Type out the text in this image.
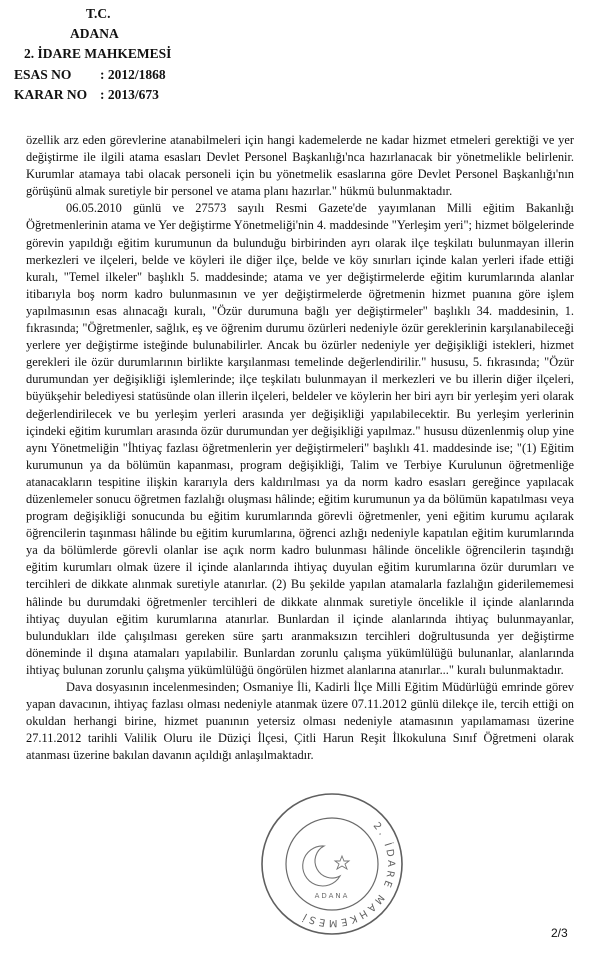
T.C.
ADANA
2. İDARE MAHKEMESİ
ESAS NO : 2012/1868
KARAR NO : 2013/673

özellik arz eden görevlerine atanabilmeleri için hangi kademelerde ne kadar hizmet etmeleri gerektiği ve yer değiştirme ile ilgili atama esasları Devlet Personel Başkanlığı'nca hazırlanacak bir yönetmelikle belirlenir. Kurumlar atamaya tabi olacak personeli için bu yönetmelik esaslarına göre Devlet Personel Başkanlığı'nın görüşünü almak suretiyle bir personel ve atama planı hazırlar." hükmü bulunmaktadır.

06.05.2010 günlü ve 27573 sayılı Resmi Gazete'de yayımlanan Milli eğitim Bakanlığı Öğretmenlerinin atama ve Yer değiştirme Yönetmeliği'nin 4. maddesinde "Yerleşim yeri"; hizmet bölgelerinde görevin yapıldığı eğitim kurumunun da bulunduğu birbirinden ayrı olarak ilçe teşkilatı bulunmayan illerin merkezleri ve ilçeleri, belde ve köyleri ile diğer ilçe, belde ve köy sınırları içinde kalan yerleri ifade ettiği kuralı, "Temel ilkeler" başlıklı 5. maddesinde; atama ve yer değiştirmelerde eğitim kurumlarında alanlar itibarıyla boş norm kadro bulunmasının ve yer değiştirmelerde öğretmenin hizmet puanına göre işlem yapılmasının esas alınacağı kuralı, "Özür durumuna bağlı yer değiştirmeler" başlıklı 34. maddesinin, 1. fıkrasında; "Öğretmenler, sağlık, eş ve öğrenim durumu özürleri nedeniyle özür gereklerinin karşılanabileceği yerlere yer değiştirme isteğinde bulunabilirler. Ancak bu özürler nedeniyle yer değişikliği istekleri, hizmet gerekleri ile özür durumlarının birlikte karşılanması temelinde değerlendirilir." hususu, 5. fıkrasında; "Özür durumundan yer değişikliği işlemlerinde; ilçe teşkilatı bulunmayan il merkezleri ve bu illerin diğer ilçeleri, büyükşehir belediyesi statüsünde olan illerin ilçeleri, beldeler ve köylerin her biri ayrı bir yerleşim yeri olarak değerlendirilecek ve bu yerleşim yerleri arasında yer değişikliği yapılabilecektir. Bu yerleşim yerlerinin içindeki eğitim kurumları arasında özür durumundan yer değişikliği yapılmaz." hususu düzenlenmiş olup yine aynı Yönetmeliğin "İhtiyaç fazlası öğretmenlerin yer değiştirmeleri" başlıklı 41. maddesinde ise; "(1) Eğitim kurumunun ya da bölümün kapanması, program değişikliği, Talim ve Terbiye Kurulunun öğretmenliğe atanacakların tespitine ilişkin kararıyla ders kaldırılması ya da norm kadro esasları gereğince yapılacak düzenlemeler sonucu öğretmen fazlalığı oluşması hâlinde; eğitim kurumunun ya da bölümün kapatılması veya program değişikliği sonucunda bu eğitim kurumlarında görevli öğretmenler, yeni eğitim kurumu açılarak öğrencilerin taşınması hâlinde bu eğitim kurumlarına, öğrenci azlığı nedeniyle kapatılan eğitim kurumlarında ya da bölümlerde görevli olanlar ise açık norm kadro bulunması hâlinde öncelikle öğrencilerin taşındığı eğitim kurumları olmak üzere il içinde alanlarında ihtiyaç duyulan eğitim kurumlarına özür durumları ve tercihleri de dikkate alınmak suretiyle atanırlar. (2) Bu şekilde yapılan atamalarla fazlalığın giderilememesi hâlinde bu durumdaki öğretmenler tercihleri de dikkate alınmak suretiyle öncelikle il içinde alanlarında ihtiyaç duyulan eğitim kurumlarına atanırlar. Bunlardan il içinde alanlarında ihtiyaç bulunmayanlar, bulundukları ilde çalışılması gereken süre şartı aranmaksızın tercihleri doğrultusunda yer değiştirme döneminde il dışına atamaları yapılabilir. Bunlardan zorunlu çalışma yükümlülüğü bulunanlar, alanlarında ihtiyaç bulunan zorunlu çalışma yükümlülüğü öngörülen hizmet alanlarına atanırlar..." kuralı bulunmaktadır.

Dava dosyasının incelenmesinden; Osmaniye İli, Kadirli İlçe Milli Eğitim Müdürlüğü emrinde görev yapan davacının, ihtiyaç fazlası olması nedeniyle atanmak üzere 07.11.2012 günlü dilekçe ile, tercih ettiği on okuldan herhangi birine, hizmet puanının yetersiz olması nedeniyle atamasının yapılamaması üzerine 27.11.2012 tarihli Valilik Oluru ile Düziçi İlçesi, Çitli Harun Reşit İlkokuluna Sınıf Öğretmeni olarak atanması üzerine bakılan davanın açıldığı anlaşılmaktadır.

2. İDARE MAHKEMESİ
ADANA
2/3
